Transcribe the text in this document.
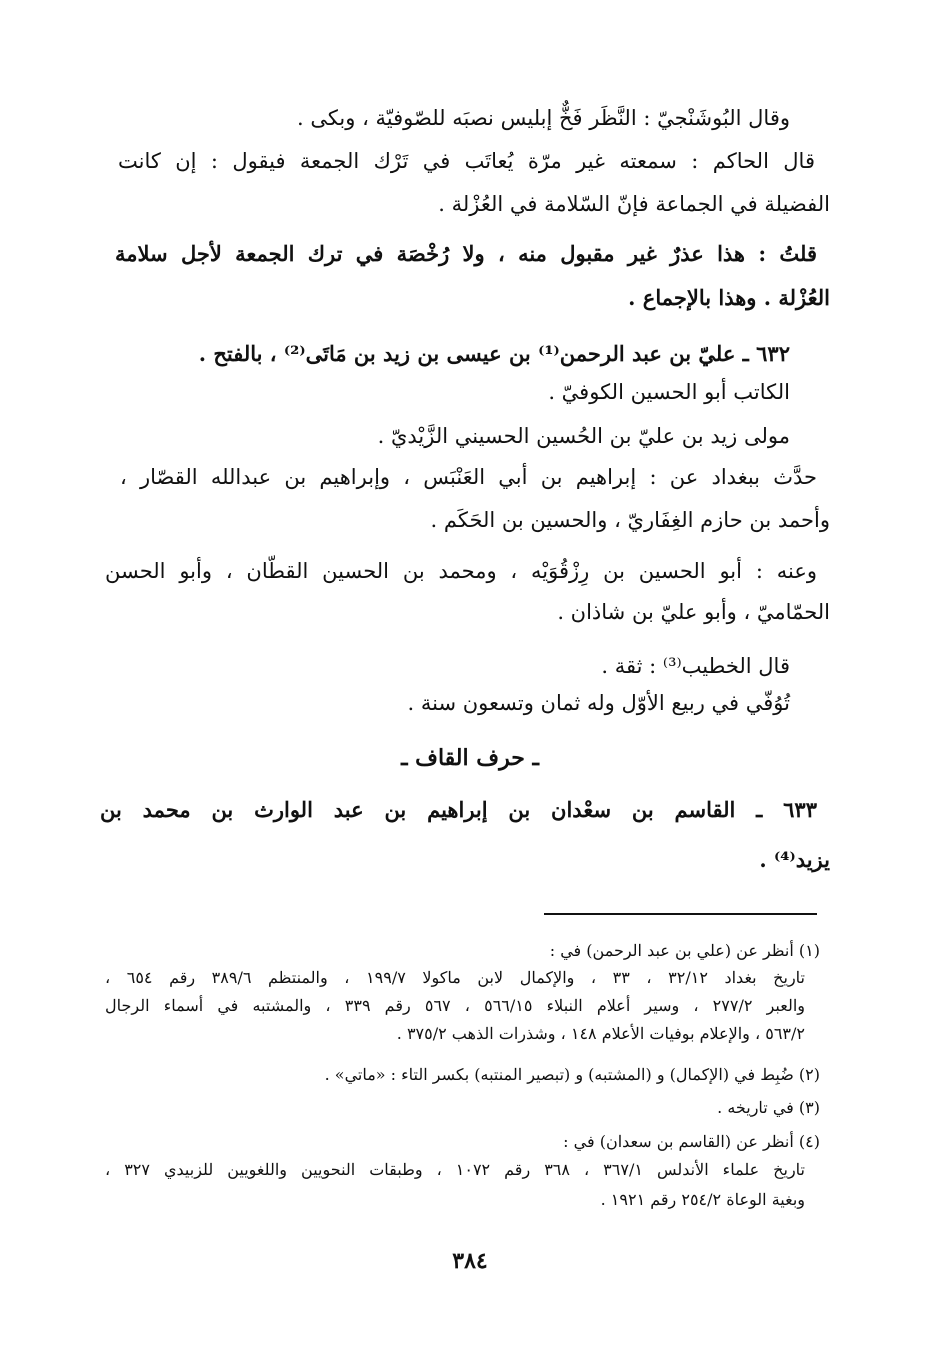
وقال البُوشَنْجيّ : النَّظَر فَخٌّ إبليس نصبَه للصّوفيّة ، وبكى .
قال الحاكم : سمعته غير مرّة يُعاتَب في تَرْك الجمعة فيقول : إن كانت
الفضيلة في الجماعة فإنّ السّلامة في العُزْلة .
قلتُ : هذا عذرٌ غير مقبول منه ، ولا رُخْصَة في ترك الجمعة لأجل سلامة
العُزْلة . وهذا بالإجماع .
٦٣٢ ـ عليّ بن عبد الرحمن⁽¹⁾ بن عيسى بن زيد بن مَاتَى⁽²⁾ ، بالفتح .
الكاتب أبو الحسين الكوفيّ .
مولى زيد بن عليّ بن الحُسين الحسيني الزَّيْديّ .
حدَّث ببغداد عن : إبراهيم بن أبي العَنْبَس ، وإبراهيم بن عبدالله القصّار ،
وأحمد بن حازم الغِفَاريّ ، والحسين بن الحَكَم .
وعنه : أبو الحسين بن رِزْقُوَيْه ، ومحمد بن الحسين القطّان ، وأبو الحسن
الحمّاميّ ، وأبو عليّ بن شاذان .
قال الخطيب⁽³⁾ : ثقة .
تُوُفّي في ربيع الأوّل وله ثمان وتسعون سنة .
ـ حرف القاف ـ
٦٣٣ ـ القاسم بن سعْدان بن إبراهيم بن عبد الوارث بن محمد بن
يزيد⁽⁴⁾ .
(١) أنظر عن (علي بن عبد الرحمن) في :
تاريخ بغداد ٣٢/١٢ ، ٣٣ ، والإكمال لابن ماكولا ١٩٩/٧ ، والمنتظم ٣٨٩/٦ رقم ٦٥٤ ،
والعبر ٢٧٧/٢ ، وسير أعلام النبلاء ٥٦٦/١٥ ، ٥٦٧ رقم ٣٣٩ ، والمشتبه في أسماء الرجال
٥٦٣/٢ ، والإعلام بوفيات الأعلام ١٤٨ ، وشذرات الذهب ٣٧٥/٢ .
(٢) ضُبِط في (الإكمال) و (المشتبه) و (تبصير المنتبه) بكسر التاء : «ماتي» .
(٣) في تاريخه .
(٤) أنظر عن (القاسم بن سعدان) في :
تاريخ علماء الأندلس ٣٦٧/١ ، ٣٦٨ رقم ١٠٧٢ ، وطبقات النحويين واللغويين للزبيدي ٣٢٧ ،
وبغية الوعاة ٢٥٤/٢ رقم ١٩٢١ .
٣٨٤
